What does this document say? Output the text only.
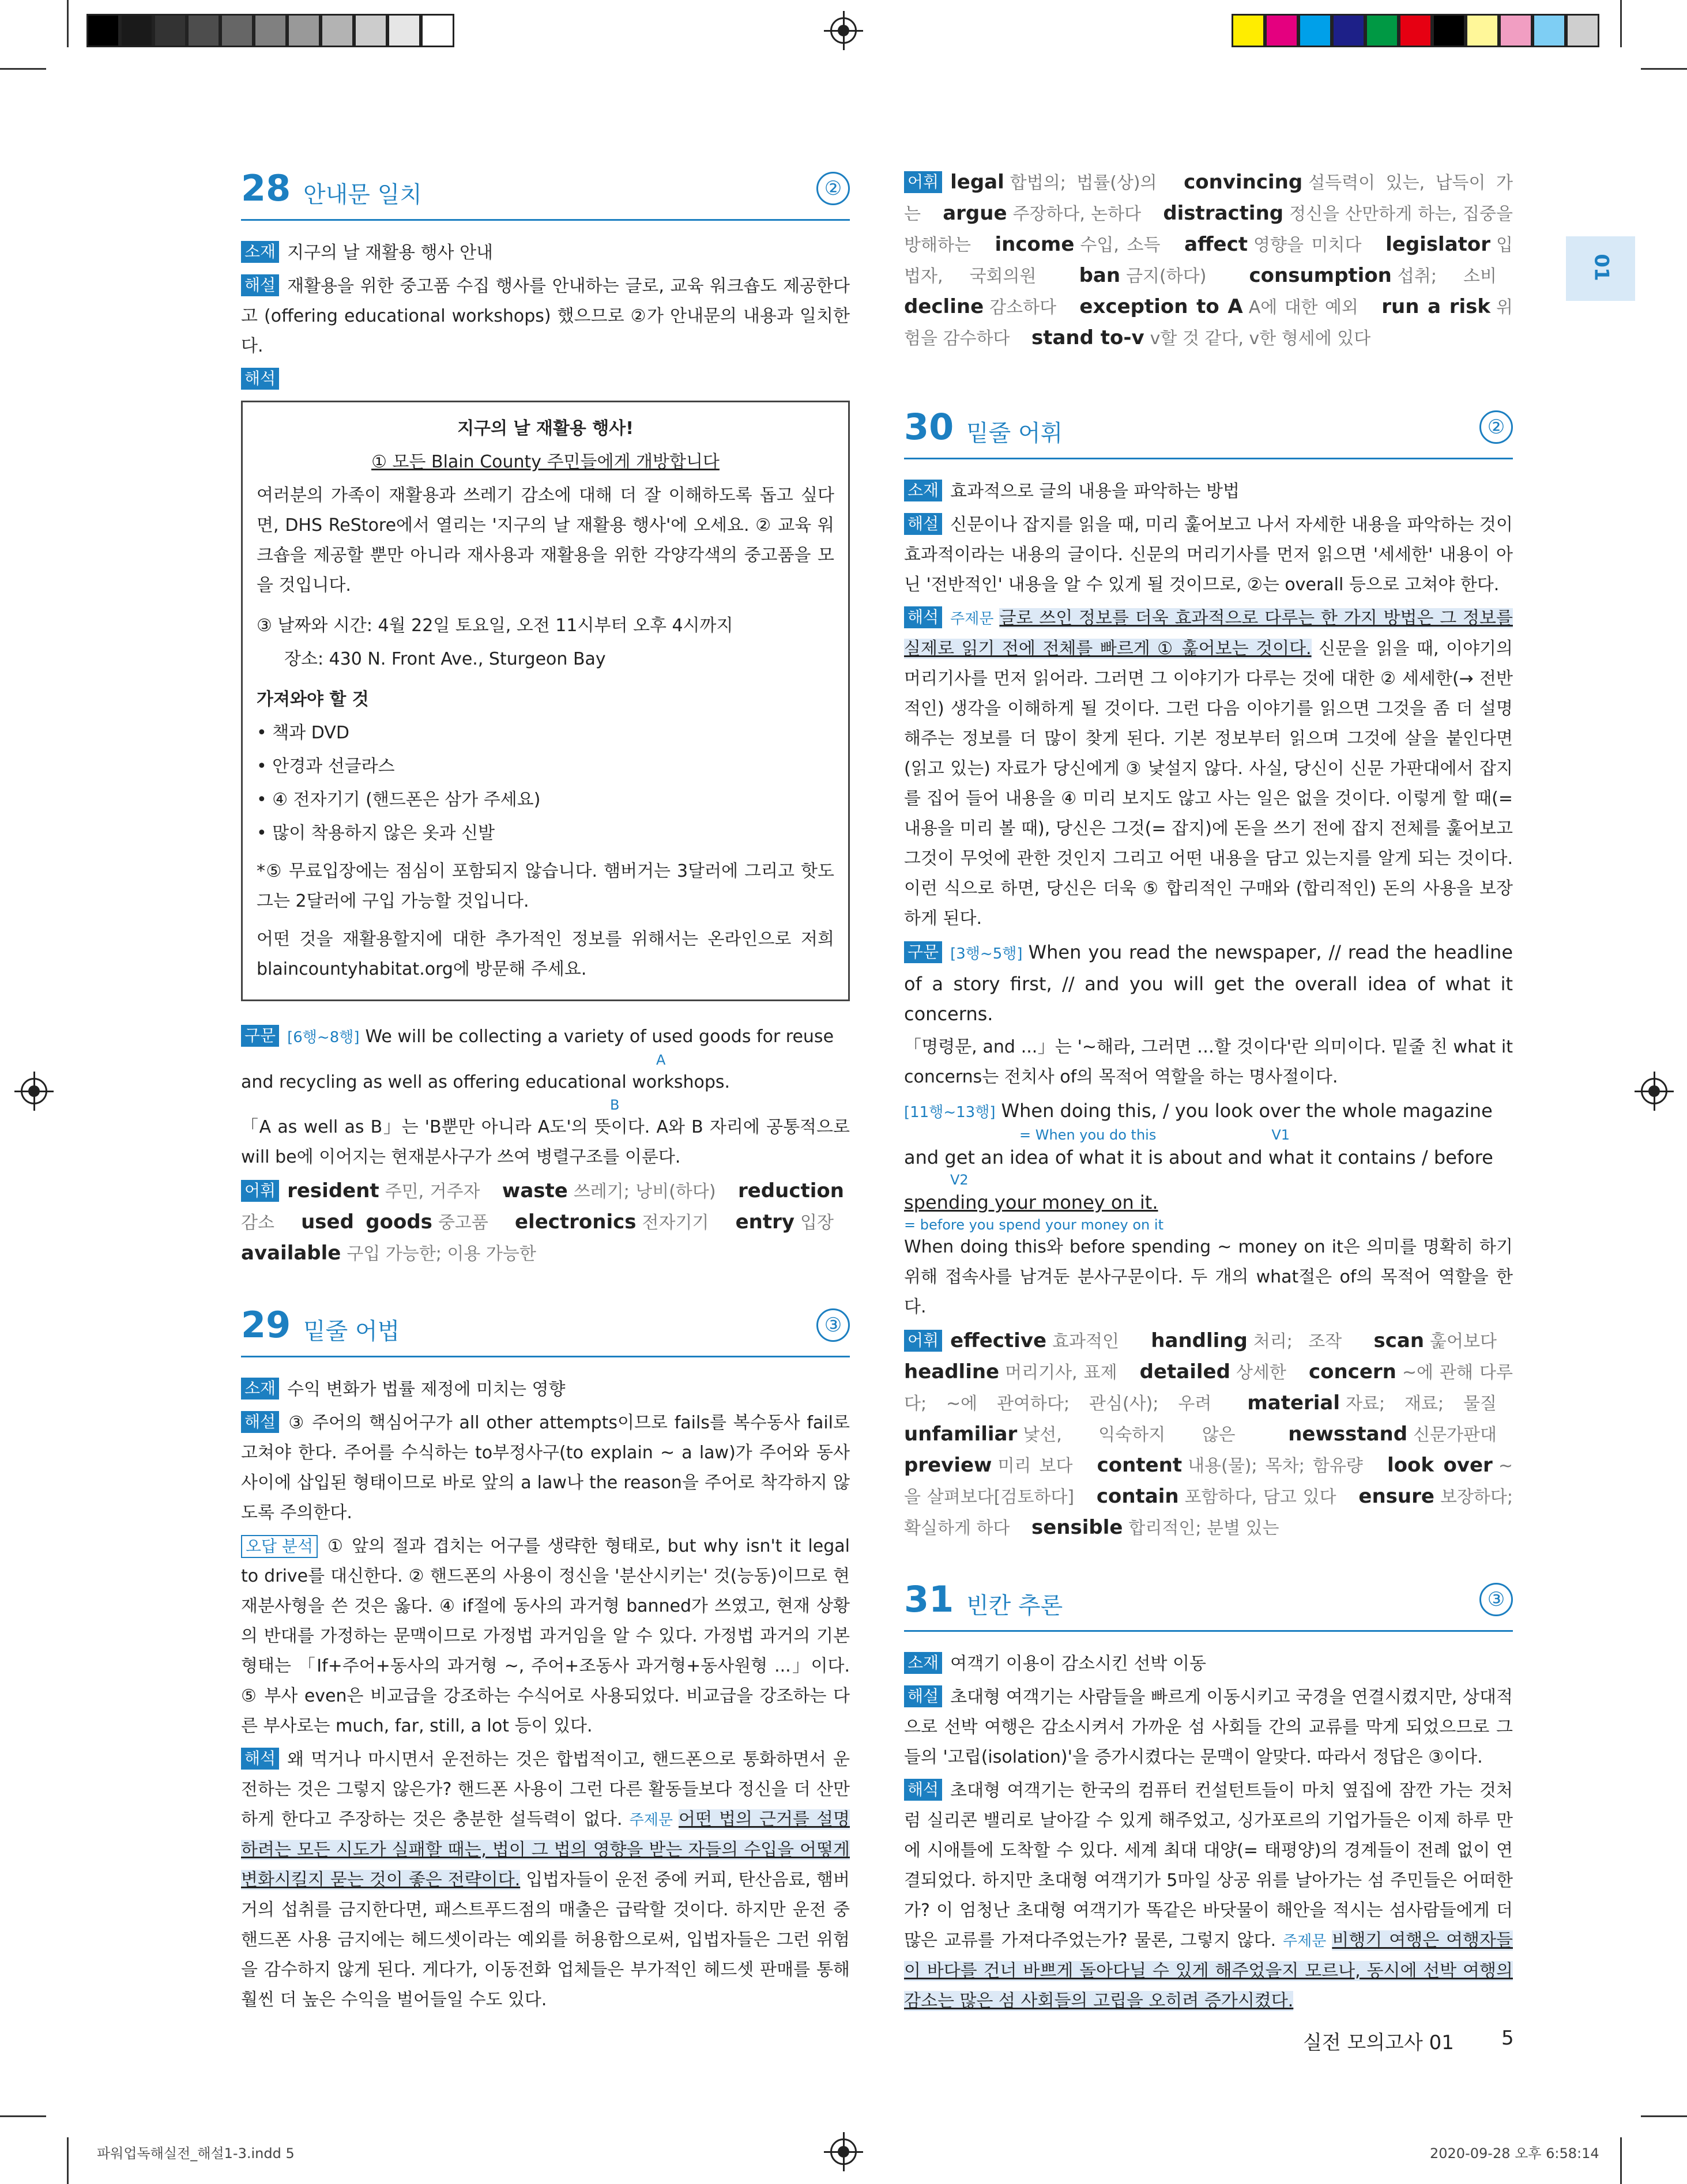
01
28 안내문 일치	②

소재 지구의 날 재활용 행사 안내

해설 재활용을 위한 중고품 수집 행사를 안내하는 글로, 교육 워크숍도 제공한다고 (offering educational workshops) 했으므로 ②가 안내문의 내용과 일치한다.

해석

지구의 날 재활용 행사!

① 모든 Blain County 주민들에게 개방합니다

여러분의 가족이 재활용과 쓰레기 감소에 대해 더 잘 이해하도록 돕고 싶다면, DHS ReStore에서 열리는 '지구의 날 재활용 행사'에 오세요. ② 교육 워크숍을 제공할 뿐만 아니라 재사용과 재활용을 위한 각양각색의 중고품을 모을 것입니다.

③ 날짜와 시간: 4월 22일 토요일, 오전 11시부터 오후 4시까지

장소: 430 N. Front Ave., Sturgeon Bay

가져와야 할 것

• 책과 DVD

• 안경과 선글라스

• ④ 전자기기 (핸드폰은 삼가 주세요)

• 많이 착용하지 않은 옷과 신발

*⑤ 무료입장에는 점심이 포함되지 않습니다. 햄버거는 3달러에 그리고 핫도그는 2달러에 구입 가능할 것입니다.

어떤 것을 재활용할지에 대한 추가적인 정보를 위해서는 온라인으로 저희 blaincountyhabitat.org에 방문해 주세요.

구문 [6행~8행] We will be collecting a variety of used goods for reuse

A

and recycling as well as offering educational workshops.

B

「A as well as B」는 'B뿐만 아니라 A도'의 뜻이다. A와 B 자리에 공통적으로 will be에 이어지는 현재분사구가 쓰여 병렬구조를 이룬다.

어휘 resident 주민, 거주자 waste 쓰레기; 낭비(하다) reduction감소 used goods 중고품 electronics 전자기기 entry 입장 available 구입 가능한; 이용 가능한

29 밑줄 어법	③

소재 수익 변화가 법률 제정에 미치는 영향

해설 ③ 주어의 핵심어구가 all other attempts이므로 fails를 복수동사 fail로 고쳐야 한다. 주어를 수식하는 to부정사구(to explain ~ a law)가 주어와 동사 사이에 삽입된 형태이므로 바로 앞의 a law나 the reason을 주어로 착각하지 않도록 주의한다.

오답 분석 ① 앞의 절과 겹치는 어구를 생략한 형태로, but why isn't it legal to drive를 대신한다. ② 핸드폰의 사용이 정신을 '분산시키는' 것(능동)이므로 현재분사형을 쓴 것은 옳다. ④ if절에 동사의 과거형 banned가 쓰였고, 현재 상황의 반대를 가정하는 문맥이므로 가정법 과거임을 알 수 있다. 가정법 과거의 기본 형태는 「If+주어+동사의 과거형 ~, 주어+조동사 과거형+동사원형 ...」이다. ⑤ 부사 even은 비교급을 강조하는 수식어로 사용되었다. 비교급을 강조하는 다른 부사로는 much, far, still, a lot 등이 있다.

해석 왜 먹거나 마시면서 운전하는 것은 합법적이고, 핸드폰으로 통화하면서 운전하는 것은 그렇지 않은가? 핸드폰 사용이 그런 다른 활동들보다 정신을 더 산만하게 한다고 주장하는 것은 충분한 설득력이 없다. 주제문 어떤 법의 근거를 설명하려는 모든 시도가 실패할 때는, 법이 그 법의 영향을 받는 자들의 수입을 어떻게 변화시킬지 묻는 것이 좋은 전략이다. 입법자들이 운전 중에 커피, 탄산음료, 햄버거의 섭취를 금지한다면, 패스트푸드점의 매출은 급락할 것이다. 하지만 운전 중 핸드폰 사용 금지에는 헤드셋이라는 예외를 허용함으로써, 입법자들은 그런 위험을 감수하지 않게 된다. 게다가, 이동전화 업체들은 부가적인 헤드셋 판매를 통해 훨씬 더 높은 수익을 벌어들일 수도 있다.

어휘 legal 합법의; 법률(상)의 convincing 설득력이 있는, 납득이 가는 argue 주장하다, 논하다 distracting 정신을 산만하게 하는, 집중을 방해하는 income 수입, 소득 affect 영향을 미치다 legislator 입법자, 국회의원 ban 금지(하다) consumption 섭취; 소비 decline 감소하다 exception to A A에 대한 예외 run a risk 위험을 감수하다 stand to-v v할 것 같다, v한 형세에 있다

30 밑줄 어휘	②

소재 효과적으로 글의 내용을 파악하는 방법

해설 신문이나 잡지를 읽을 때, 미리 훑어보고 나서 자세한 내용을 파악하는 것이 효과적이라는 내용의 글이다. 신문의 머리기사를 먼저 읽으면 '세세한' 내용이 아닌 '전반적인' 내용을 알 수 있게 될 것이므로, ②는 overall 등으로 고쳐야 한다.

해석 주제문 글로 쓰인 정보를 더욱 효과적으로 다루는 한 가지 방법은 그 정보를 실제로 읽기 전에 전체를 빠르게 ① 훑어보는 것이다. 신문을 읽을 때, 이야기의 머리기사를 먼저 읽어라. 그러면 그 이야기가 다루는 것에 대한 ② 세세한(→ 전반적인) 생각을 이해하게 될 것이다. 그런 다음 이야기를 읽으면 그것을 좀 더 설명해주는 정보를 더 많이 찾게 된다. 기본 정보부터 읽으며 그것에 살을 붙인다면 (읽고 있는) 자료가 당신에게 ③ 낯설지 않다. 사실, 당신이 신문 가판대에서 잡지를 집어 들어 내용을 ④ 미리 보지도 않고 사는 일은 없을 것이다. 이렇게 할 때(= 내용을 미리 볼 때), 당신은 그것(= 잡지)에 돈을 쓰기 전에 잡지 전체를 훑어보고 그것이 무엇에 관한 것인지 그리고 어떤 내용을 담고 있는지를 알게 되는 것이다. 이런 식으로 하면, 당신은 더욱 ⑤ 합리적인 구매와 (합리적인) 돈의 사용을 보장하게 된다.

구문 [3행~5행] When you read the newspaper, // read the headline of a story first, // and you will get the overall idea of what it concerns.

「명령문, and ...」는 '~해라, 그러면 …할 것이다'란 의미이다. 밑줄 친 what it concerns는 전치사 of의 목적어 역할을 하는 명사절이다.

[11행~13행] When doing this, / you look over the whole magazine

= When you do this	V1

and get an idea of what it is about and what it contains / before

V2

spending your money on it.

= before you spend your money on it

When doing this와 before spending ~ money on it은 의미를 명확히 하기 위해 접속사를 남겨둔 분사구문이다. 두 개의 what절은 of의 목적어 역할을 한다.

어휘 effective 효과적인 handling 처리; 조작 scan 훑어보다 headline 머리기사, 표제 detailed 상세한 concern ~에 관해 다루다; ~에 관여하다; 관심(사); 우려 material 자료; 재료; 물질 unfamiliar 낯선, 익숙하지 않은	newsstand 신문가판대 preview 미리 보다 content 내용(물); 목차; 함유량 look over ~을 살펴보다[검토하다] contain 포함하다, 담고 있다 ensure 보장하다; 확실하게 하다 sensible 합리적인; 분별 있는

31 빈칸 추론	③

소재 여객기 이용이 감소시킨 선박 이동

해설 초대형 여객기는 사람들을 빠르게 이동시키고 국경을 연결시켰지만, 상대적으로 선박 여행은 감소시켜서 가까운 섬 사회들 간의 교류를 막게 되었으므로 그들의 '고립(isolation)'을 증가시켰다는 문맥이 알맞다. 따라서 정답은 ③이다.

해석 초대형 여객기는 한국의 컴퓨터 컨설턴트들이 마치 옆집에 잠깐 가는 것처럼 실리콘 밸리로 날아갈 수 있게 해주었고, 싱가포르의 기업가들은 이제 하루 만에 시애틀에 도착할 수 있다. 세계 최대 대양(= 태평양)의 경계들이 전례 없이 연결되었다. 하지만 초대형 여객기가 5마일 상공 위를 날아가는 섬 주민들은 어떠한가? 이 엄청난 초대형 여객기가 똑같은 바닷물이 해안을 적시는 섬사람들에게 더 많은 교류를 가져다주었는가? 물론, 그렇지 않다. 주제문 비행기 여행은 여행자들이 바다를 건너 바쁘게 돌아다닐 수 있게 해주었을지 모르나, 동시에 선박 여행의 감소는 많은 섬 사회들의 고립을 오히려 증가시켰다.

실전 모의고사 01 5
파워업독해실전_해설1-3.indd 5	2020-09-28 오후 6:58:14
